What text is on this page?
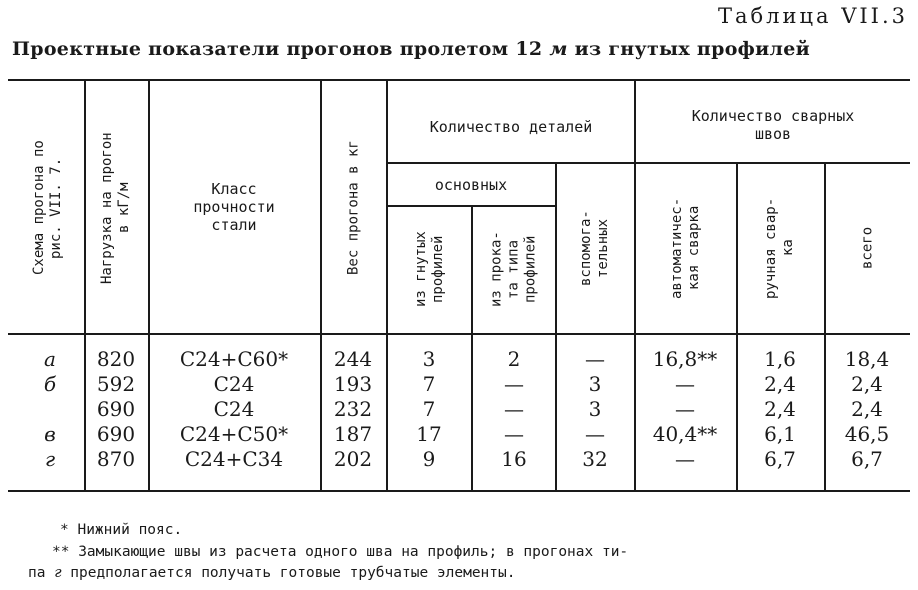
Таблица VII.3
Проектные показатели прогонов пролетом 12 м из гнутых профилей
Схема прогона по
рис. VII. 7.
Нагрузка на прогон
в кГ/м	Класс
прочности
стали	Вес прогона в кг
Количество деталей
основных
из гнутых
профилей	из прока-
та типа
профилей	вспомога-
тельных
Количество сварных
швов
автоматичес-
кая сварка
ручная свар-
ка	всего
а	820	С24+С60*	244	3	2	—	16,8**	1,6	18,4
б	592	С24	193	7	—	3	—	2,4	2,4
690	С24	232	7	—	3	—	2,4	2,4
в	690	С24+С50*	187	17	—	—	40,4**	6,1	46,5
г	870	С24+С34	202	9	16	32	—	6,7	6,7
* Нижний пояс.
** Замыкающие швы из расчета одного шва на профиль; в прогонах ти-
па г предполагается получать готовые трубчатые элементы.
